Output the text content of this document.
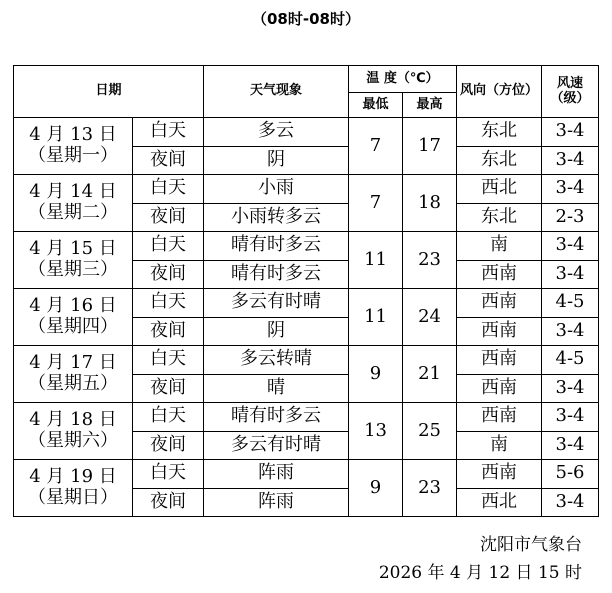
（08时-08时）
日期		天气现象	温 度（℃）		风向（方位）	风速（级）
			最低	最高		
4 月 13 日
（星期一）	白天	多云	7	17	东北	3-4
	夜间	阴			东北	3-4
4 月 14 日
（星期二）	白天	小雨	7	18	西北	3-4
	夜间	小雨转多云			东北	2-3
4 月 15 日
（星期三）	白天	晴有时多云	11	23	南	3-4
	夜间	晴有时多云			西南	3-4
4 月 16 日
（星期四）	白天	多云有时晴	11	24	西南	4-5
	夜间	阴			西南	3-4
4 月 17 日
（星期五）	白天	多云转晴	9	21	西南	4-5
	夜间	晴			西南	3-4
4 月 18 日
（星期六）	白天	晴有时多云	13	25	西南	3-4
	夜间	多云有时晴			南	3-4
4 月 19 日
（星期日）	白天	阵雨	9	23	西南	5-6
	夜间	阵雨			西北	3-4
沈阳市气象台
2026 年 4 月 12 日 15 时
